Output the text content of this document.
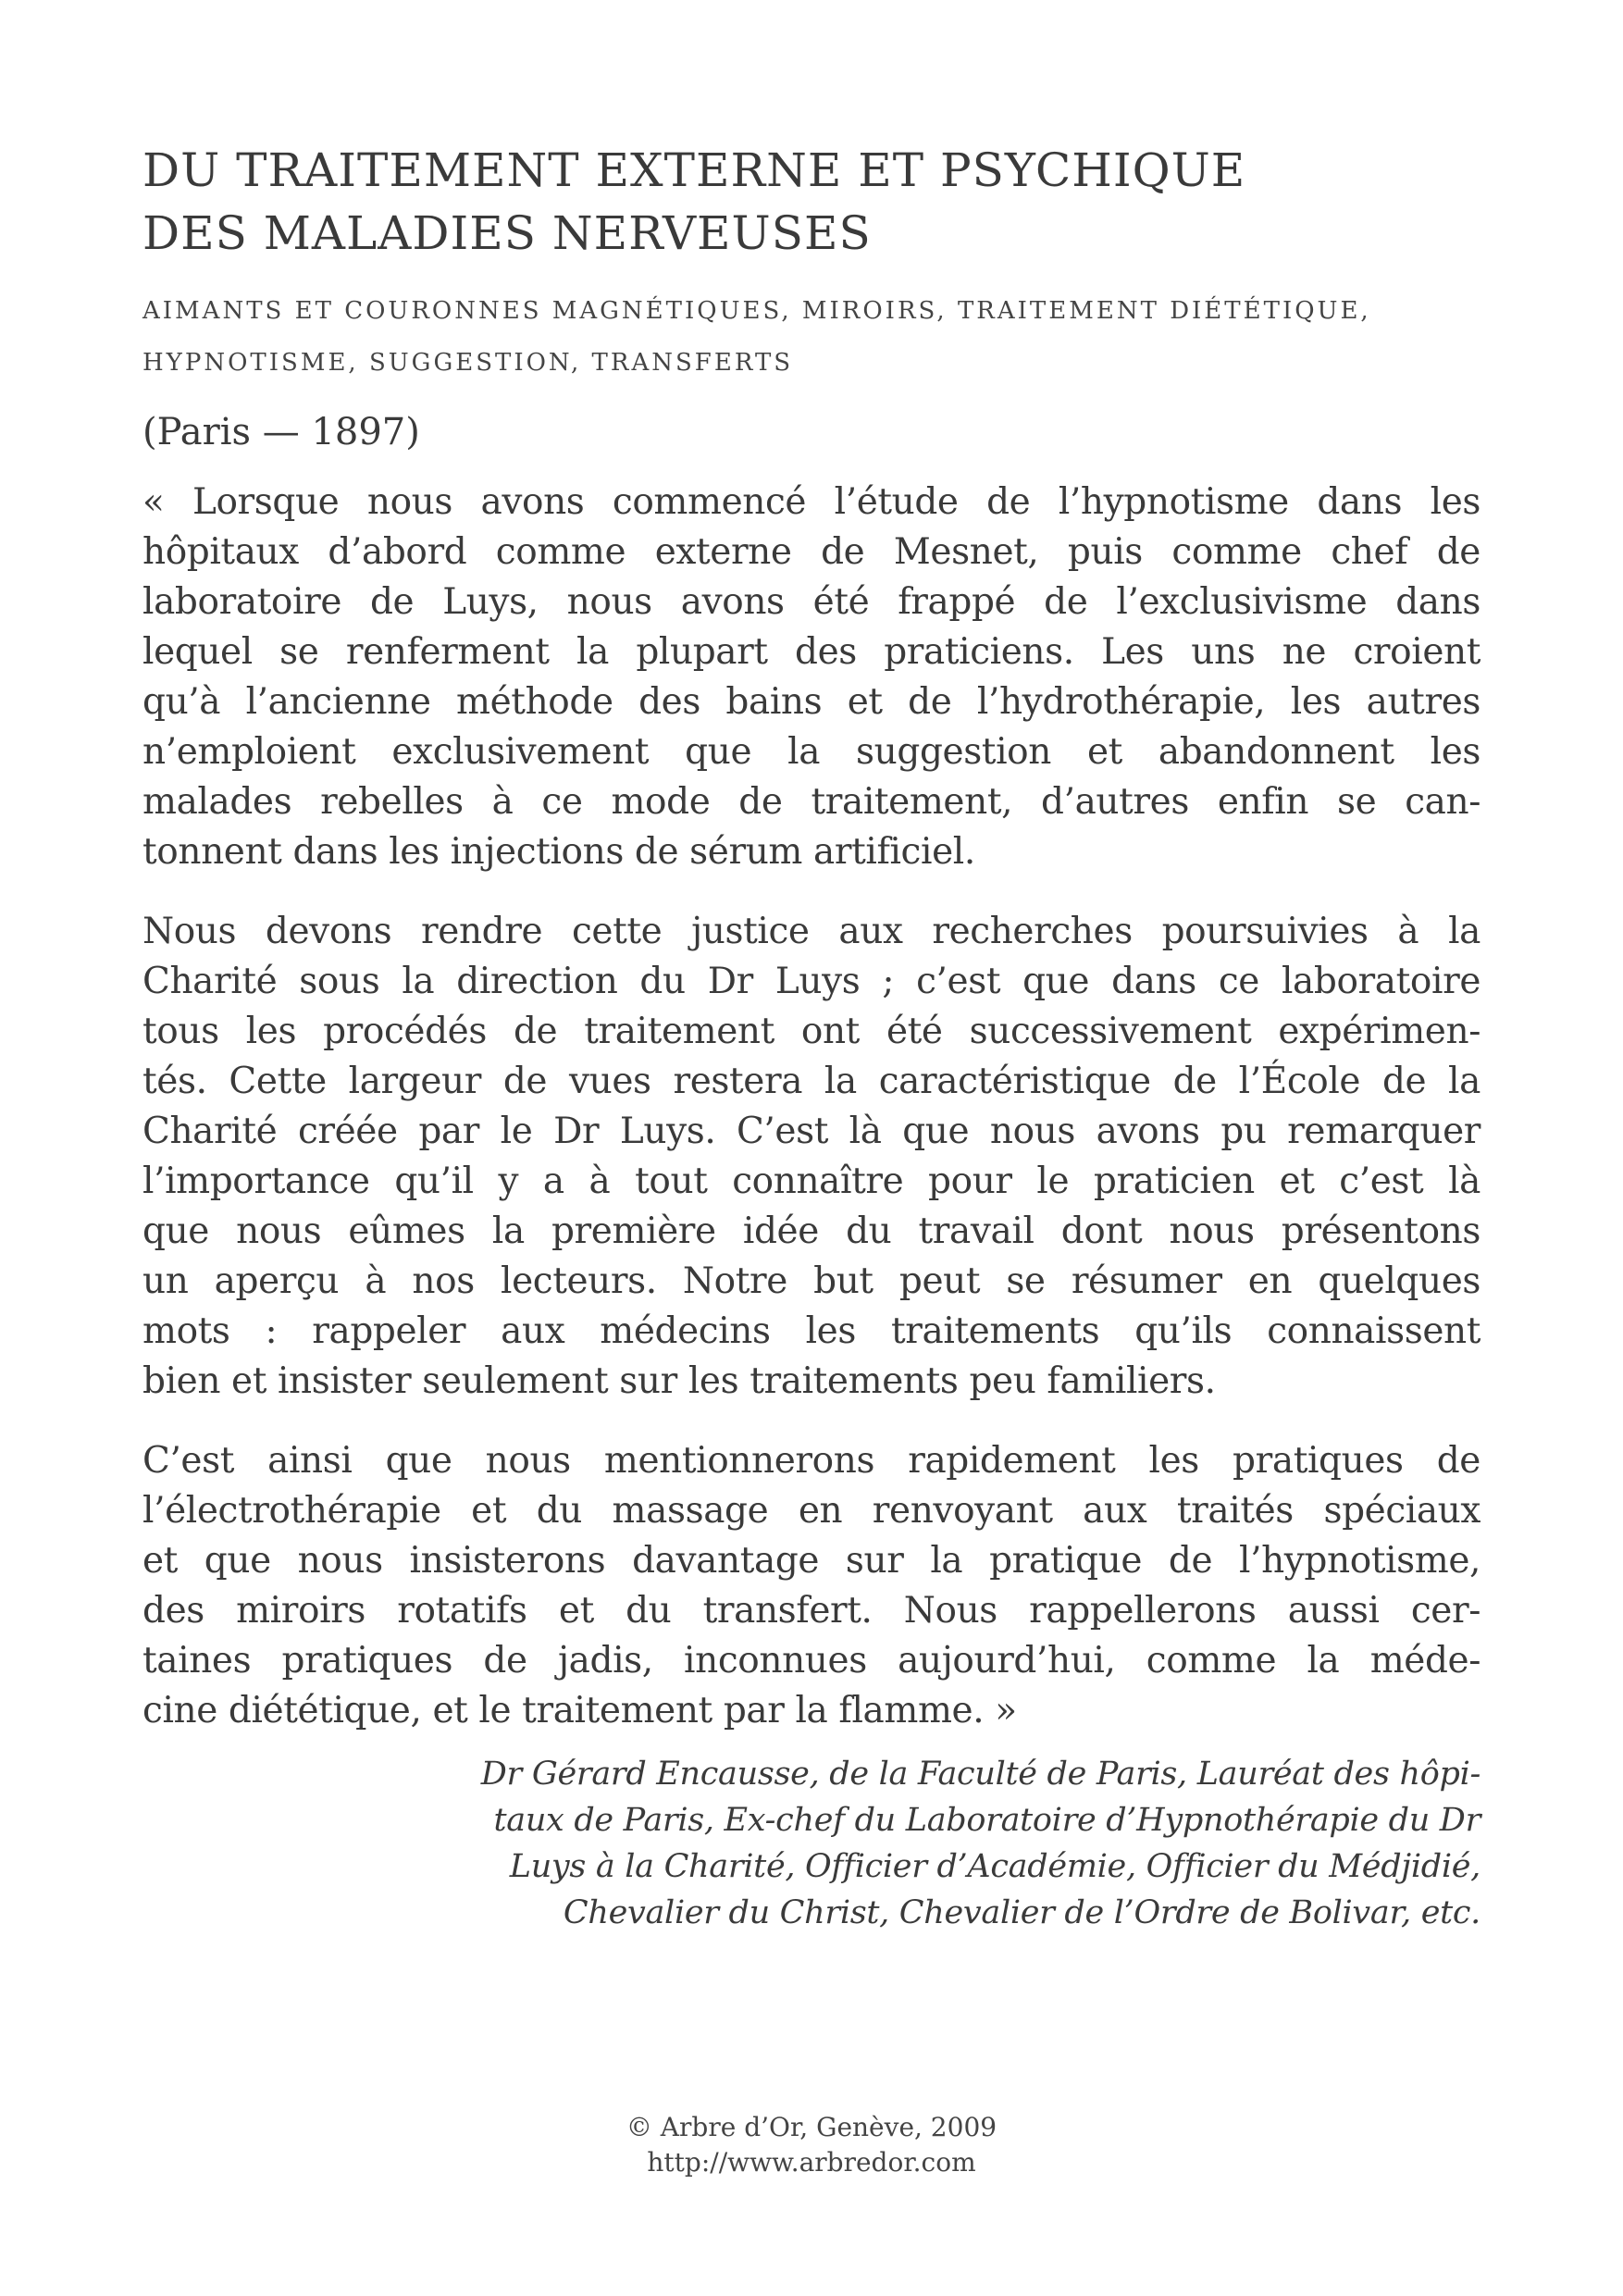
DU TRAITEMENT EXTERNE ET PSYCHIQUE
DES MALADIES NERVEUSES
AIMANTS ET COURONNES MAGNÉTIQUES, MIROIRS, TRAITEMENT DIÉTÉTIQUE,
HYPNOTISME, SUGGESTION, TRANSFERTS

(Paris — 1897)

« Lorsque nous avons commencé l’étude de l’hypnotisme dans les
hôpitaux d’abord comme externe de Mesnet, puis comme chef de
laboratoire de Luys, nous avons été frappé de l’exclusivisme dans
lequel se renferment la plupart des praticiens. Les uns ne croient
qu’à l’ancienne méthode des bains et de l’hydrothérapie, les autres
n’emploient exclusivement que la suggestion et abandonnent les
malades rebelles à ce mode de traitement, d’autres enfin se can-
tonnent dans les injections de sérum artificiel.
Nous devons rendre cette justice aux recherches poursuivies à la
Charité sous la direction du Dr Luys ; c’est que dans ce laboratoire
tous les procédés de traitement ont été successivement expérimen-
tés. Cette largeur de vues restera la caractéristique de l’École de la
Charité créée par le Dr Luys. C’est là que nous avons pu remarquer
l’importance qu’il y a à tout connaître pour le praticien et c’est là
que nous eûmes la première idée du travail dont nous présentons
un aperçu à nos lecteurs. Notre but peut se résumer en quelques
mots : rappeler aux médecins les traitements qu’ils connaissent
bien et insister seulement sur les traitements peu familiers.
C’est ainsi que nous mentionnerons rapidement les pratiques de
l’électrothérapie et du massage en renvoyant aux traités spéciaux
et que nous insisterons davantage sur la pratique de l’hypnotisme,
des miroirs rotatifs et du transfert. Nous rappellerons aussi cer-
taines pratiques de jadis, inconnues aujourd’hui, comme la méde-
cine diététique, et le traitement par la flamme. »
Dr Gérard Encausse, de la Faculté de Paris, Lauréat des hôpi-
taux de Paris, Ex-chef du Laboratoire d’Hypnothérapie du Dr
Luys à la Charité, Officier d’Académie, Officier du Médjidié,
Chevalier du Christ, Chevalier de l’Ordre de Bolivar, etc.
© Arbre d’Or, Genève, 2009
http://www.arbredor.com
